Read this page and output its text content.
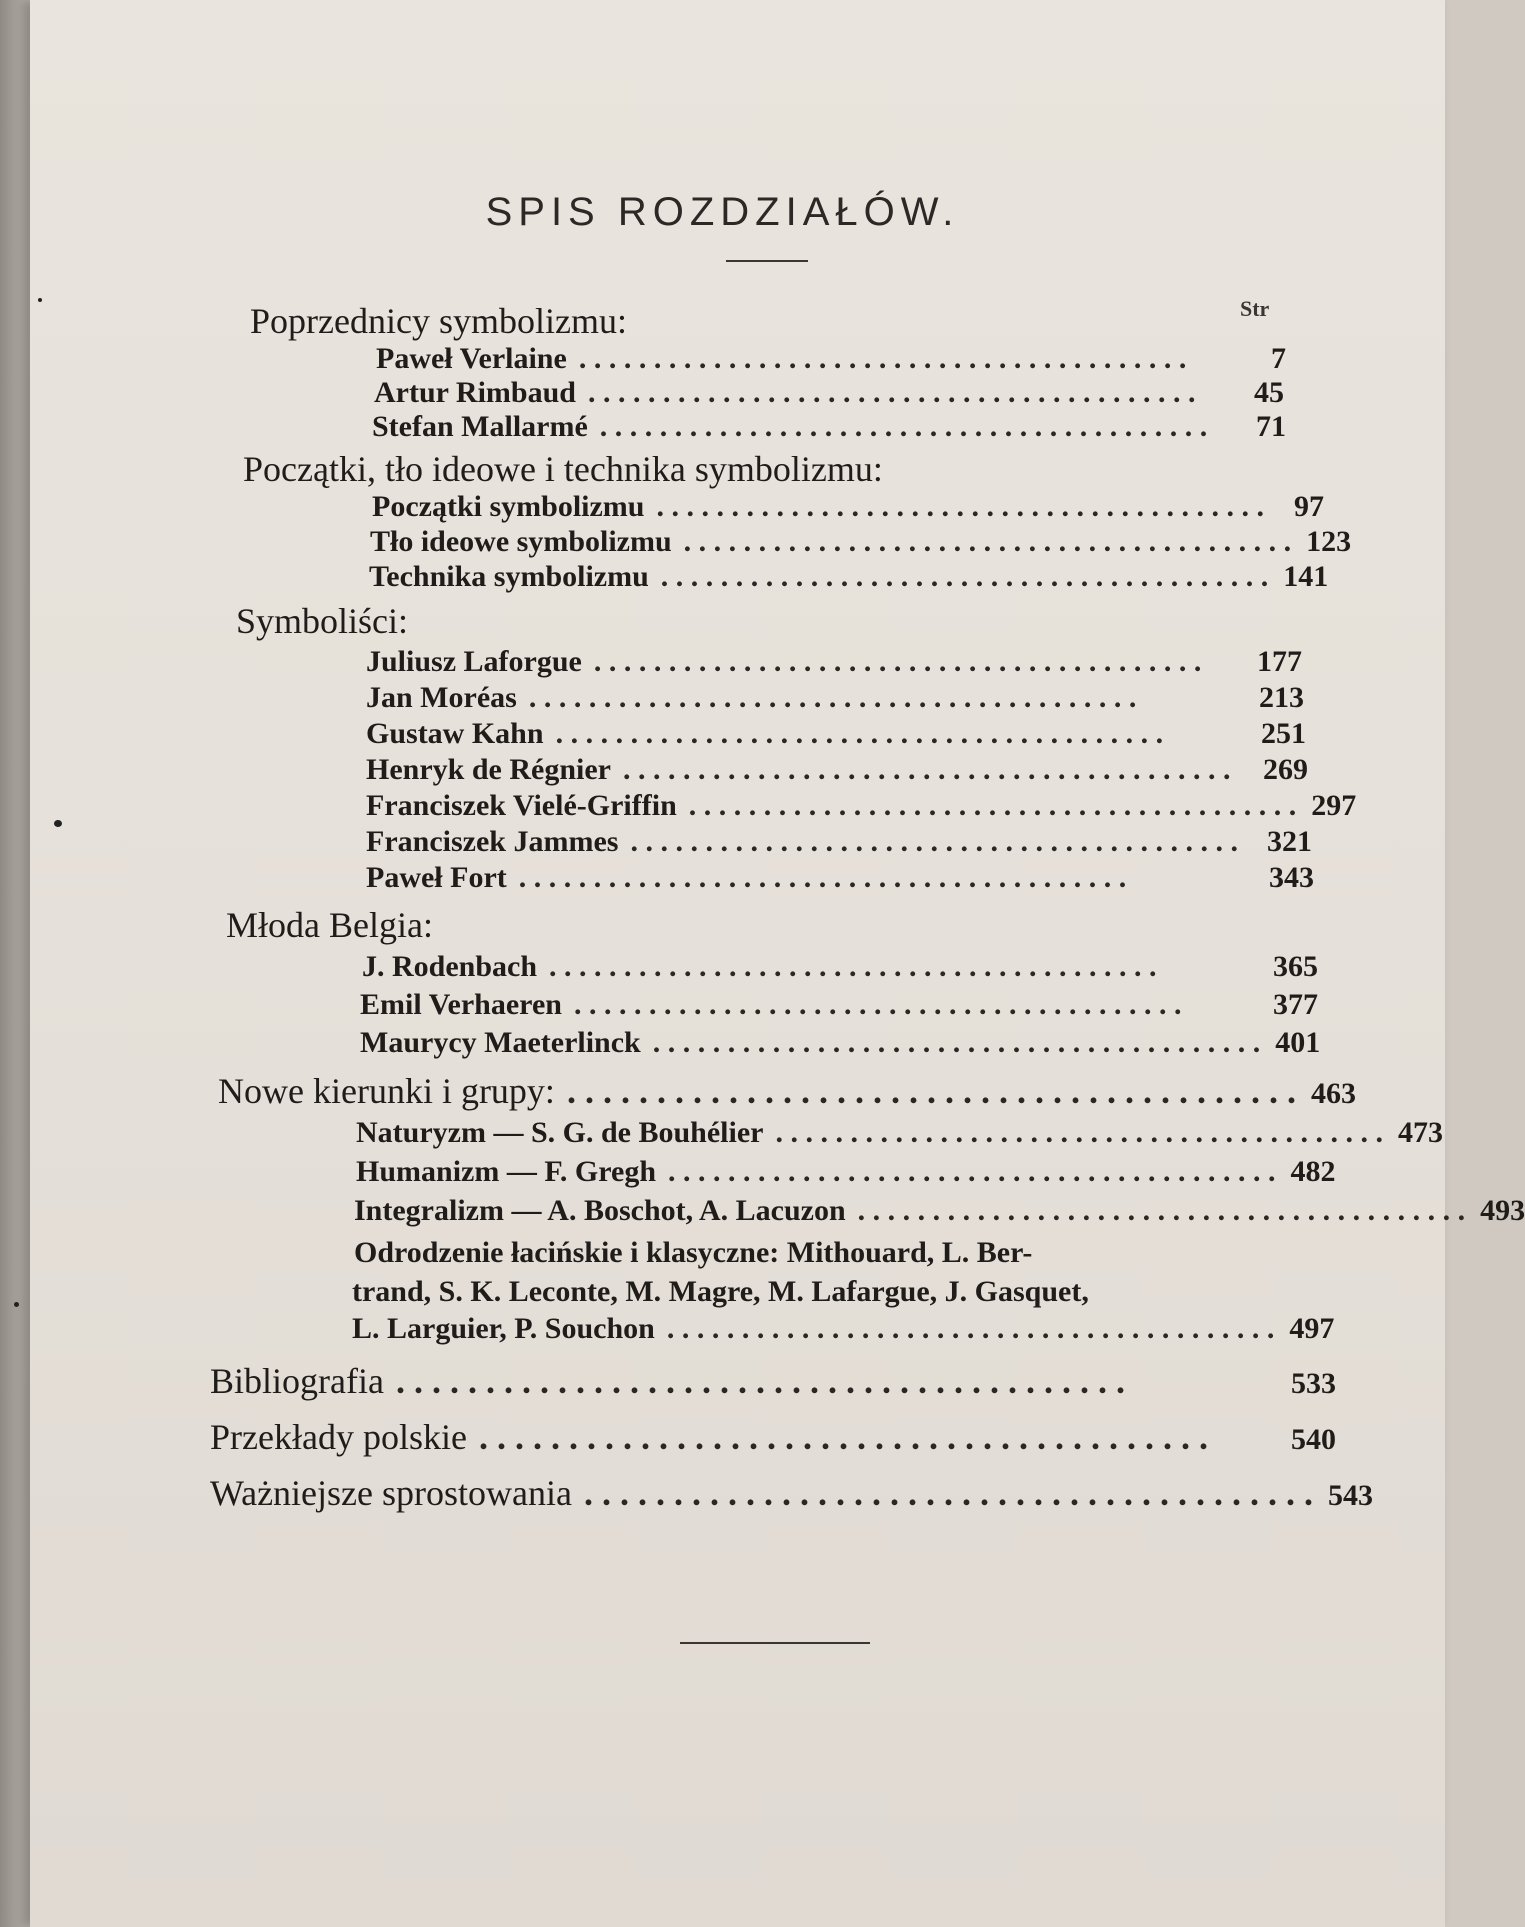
SPIS ROZDZIAŁÓW.
Str
Poprzednicy symbolizmu:
Paweł Verlaine . . . . . . . . . . . . . . . . . . . . . . . . . . . . . . . . . . . . . . . . .	7
Artur Rimbaud . . . . . . . . . . . . . . . . . . . . . . . . . . . . . . . . . . . . . . . . .	45
Stefan Mallarmé . . . . . . . . . . . . . . . . . . . . . . . . . . . . . . . . . . . . . . . . .	71
Początki, tło ideowe i technika symbolizmu:
Początki symbolizmu . . . . . . . . . . . . . . . . . . . . . . . . . . . . . . . . . . . . . . . . .	97
Tło ideowe symbolizmu . . . . . . . . . . . . . . . . . . . . . . . . . . . . . . . . . . . . . . . . . 123
Technika symbolizmu . . . . . . . . . . . . . . . . . . . . . . . . . . . . . . . . . . . . . . . . . 141
Symboliści:
Juliusz Laforgue . . . . . . . . . . . . . . . . . . . . . . . . . . . . . . . . . . . . . . . . .	177
Jan Moréas . . . . . . . . . . . . . . . . . . . . . . . . . . . . . . . . . . . . . . . . .	213
Gustaw Kahn . . . . . . . . . . . . . . . . . . . . . . . . . . . . . . . . . . . . . . . . .	251
Henryk de Régnier . . . . . . . . . . . . . . . . . . . . . . . . . . . . . . . . . . . . . . . . .	269
Franciszek Vielé-Griffin . . . . . . . . . . . . . . . . . . . . . . . . . . . . . . . . . . . . . . . . . 297
Franciszek Jammes . . . . . . . . . . . . . . . . . . . . . . . . . . . . . . . . . . . . . . . . . 321
Paweł Fort . . . . . . . . . . . . . . . . . . . . . . . . . . . . . . . . . . . . . . . . .	343
Młoda Belgia:
J. Rodenbach . . . . . . . . . . . . . . . . . . . . . . . . . . . . . . . . . . . . . . . . .	365
Emil Verhaeren . . . . . . . . . . . . . . . . . . . . . . . . . . . . . . . . . . . . . . . . .	377
Maurycy Maeterlinck . . . . . . . . . . . . . . . . . . . . . . . . . . . . . . . . . . . . . . . . . 401
Nowe kierunki i grupy: . . . . . . . . . . . . . . . . . . . . . . . . . . . . . . . . . . . . . . . . . 463
Naturyzm — S. G. de Bouhélier . . . . . . . . . . . . . . . . . . . . . . . . . . . . . . . . . . . . . . . . . 473
Humanizm — F. Gregh . . . . . . . . . . . . . . . . . . . . . . . . . . . . . . . . . . . . . . . . . 482
Integralizm — A. Boschot, A. Lacuzon . . . . . . . . . . . . . . . . . . . . . . . . . . . . . . . . . . . . . . . . . 493
Odrodzenie łacińskie i klasyczne: Mithouard, L. Ber-
trand, S. K. Leconte, M. Magre, M. Lafargue, J. Gasquet,
L. Larguier, P. Souchon . . . . . . . . . . . . . . . . . . . . . . . . . . . . . . . . . . . . . . . . . 497
Bibliografia . . . . . . . . . . . . . . . . . . . . . . . . . . . . . . . . . . . . . . . . .	533
Przekłady polskie . . . . . . . . . . . . . . . . . . . . . . . . . . . . . . . . . . . . . . . . .	540
Ważniejsze sprostowania . . . . . . . . . . . . . . . . . . . . . . . . . . . . . . . . . . . . . . . . . 543
